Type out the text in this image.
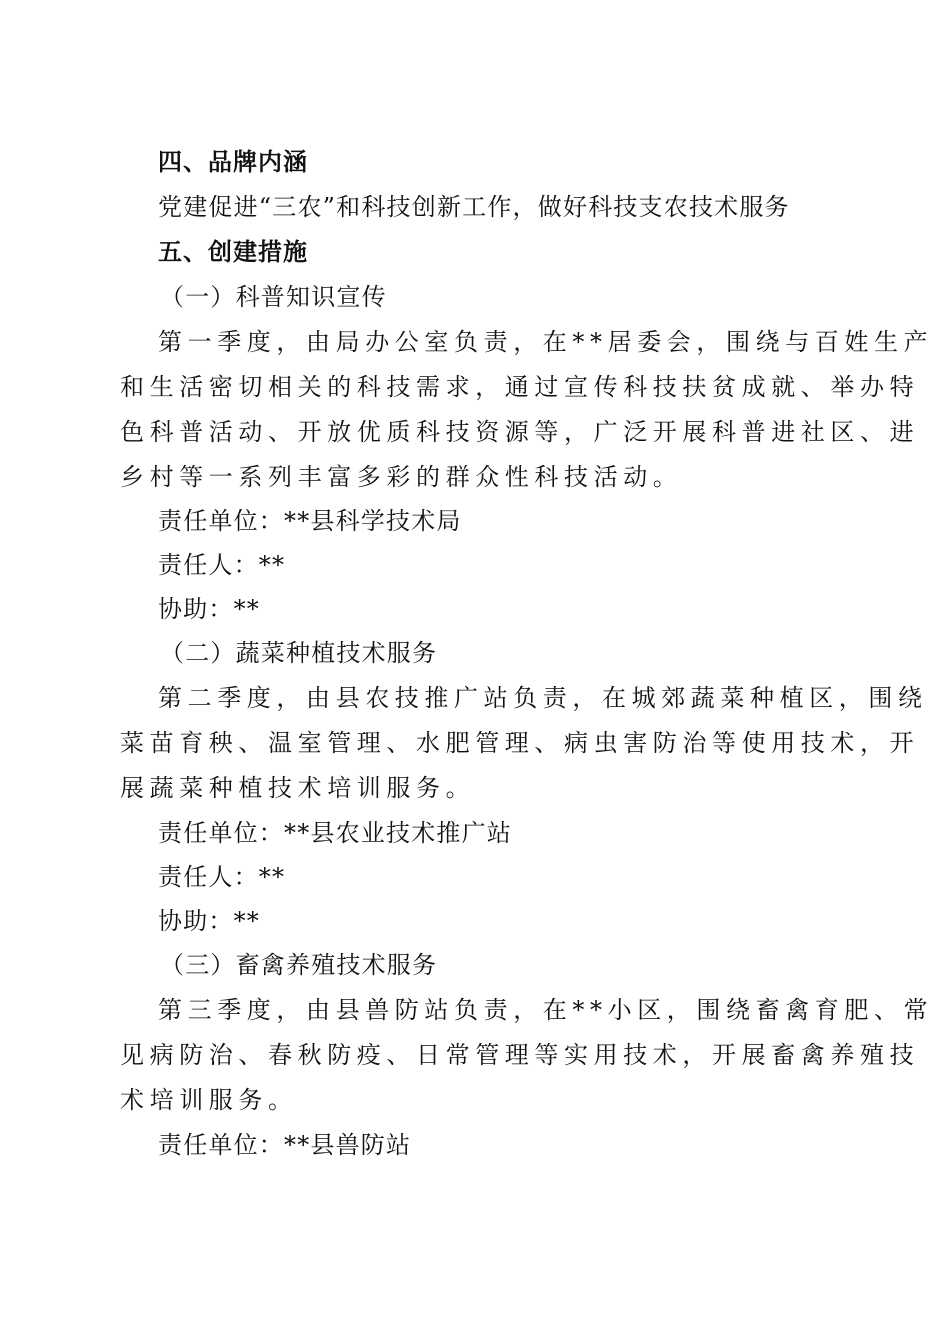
四、品牌内涵
党建促进“三农”和科技创新工作，做好科技支农技术服务
五、创建措施
（一）科普知识宣传
第一季度，由局办公室负责，在**居委会，围绕与百姓生产
和生活密切相关的科技需求，通过宣传科技扶贫成就、举办特
色科普活动、开放优质科技资源等，广泛开展科普进社区、进
乡村等一系列丰富多彩的群众性科技活动。
责任单位：**县科学技术局
责任人：**
协助：**
（二）蔬菜种植技术服务
第二季度，由县农技推广站负责，在城郊蔬菜种植区，围绕
菜苗育秧、温室管理、水肥管理、病虫害防治等使用技术，开
展蔬菜种植技术培训服务。
责任单位：**县农业技术推广站
责任人：**
协助：**
（三）畜禽养殖技术服务
第三季度，由县兽防站负责，在**小区，围绕畜禽育肥、常
见病防治、春秋防疫、日常管理等实用技术，开展畜禽养殖技
术培训服务。
责任单位：**县兽防站
